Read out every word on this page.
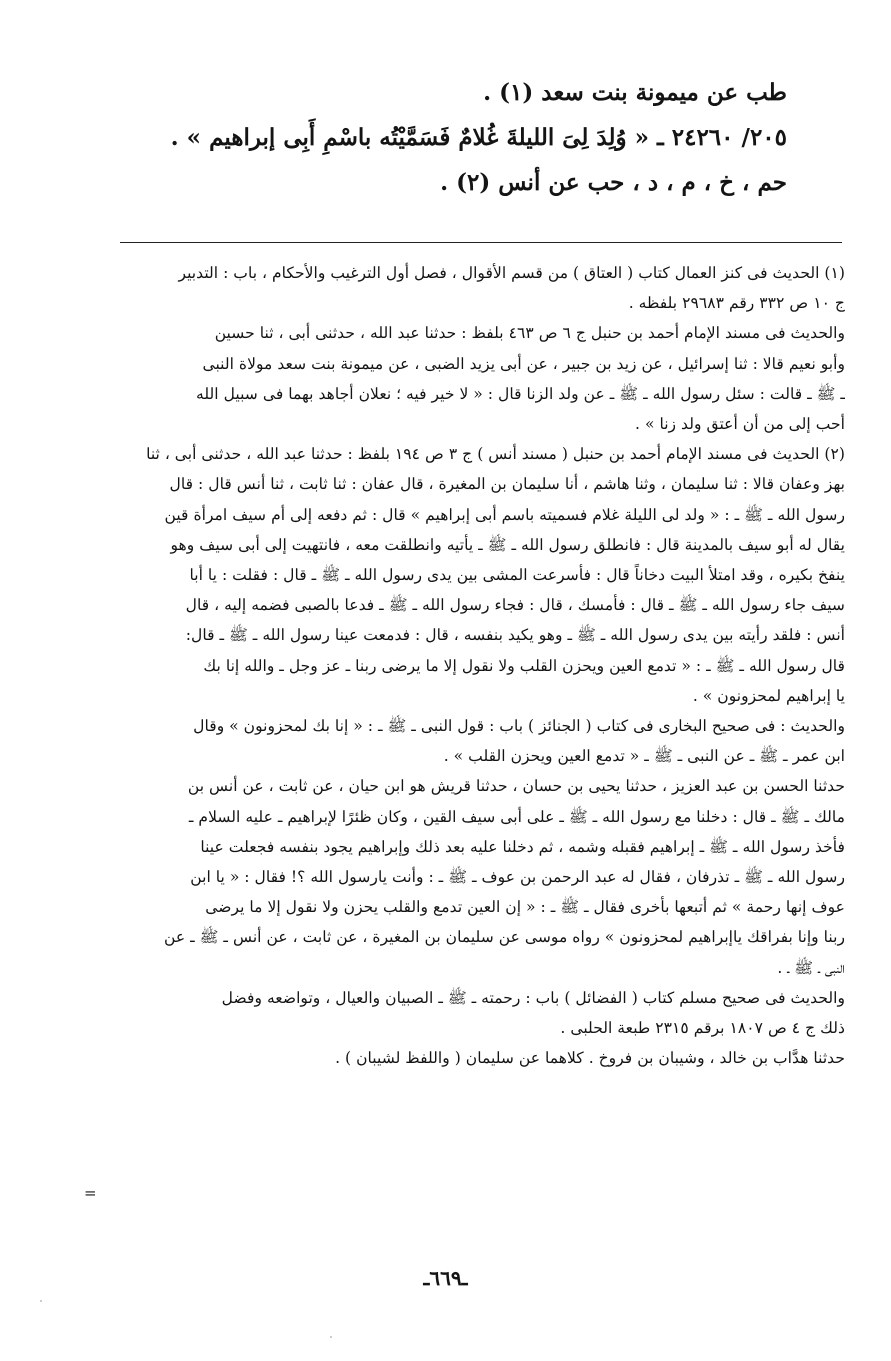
طب عن ميمونة بنت سعد (١) .
٢٠٥/ ٢٤٢٦٠ ـ « وُلِدَ لِىَ الليلةَ غُلامٌ فَسَمَّيْتُه باسْمِ أَبِى إبراهيم » .
حم ، خ ، م ، د ، حب عن أنس (٢) .
(١) الحديث فى كنز العمال كتاب ( العتاق ) من قسم الأقوال ، فصل أول الترغيب والأحكام ، باب : التدبير
ج ١٠ ص ٣٣٢ رقم ٢٩٦٨٣ بلفظه .
والحديث فى مسند الإمام أحمد بن حنبل ج ٦ ص ٤٦٣ بلفظ : حدثنا عبد الله ، حدثنى أبى ، ثنا حسين
وأبو نعيم قالا : ثنا إسرائيل ، عن زيد بن جبير ، عن أبى يزيد الضبى ، عن ميمونة بنت سعد مولاة النبى
ـ ﷺ ـ قالت : سئل رسول الله ـ ﷺ ـ عن ولد الزنا قال : « لا خير فيه ؛ نعلان أجاهد بهما فى سبيل الله
أحب إلى من أن أعتق ولد زنا » .
(٢) الحديث فى مسند الإمام أحمد بن حنبل ( مسند أنس ) ج ٣ ص ١٩٤ بلفظ : حدثنا عبد الله ، حدثنى أبى ، ثنا
بهز وعفان قالا : ثنا سليمان ، وثنا هاشم ، أنا سليمان بن المغيرة ، قال عفان : ثنا ثابت ، ثنا أنس قال : قال
رسول الله ـ ﷺ ـ : « ولد لى الليلة غلام فسميته باسم أبى إبراهيم » قال : ثم دفعه إلى أم سيف امرأة قين
يقال له أبو سيف بالمدينة قال : فانطلق رسول الله ـ ﷺ ـ يأتيه وانطلقت معه ، فانتهيت إلى أبى سيف وهو
ينفخ بكيره ، وقد امتلأ البيت دخاناً قال : فأسرعت المشى بين يدى رسول الله ـ ﷺ ـ قال : فقلت : يا أبا
سيف جاء رسول الله ـ ﷺ ـ قال : فأمسك ، قال : فجاء رسول الله ـ ﷺ ـ فدعا بالصبى فضمه إليه ، قال
أنس : فلقد رأيته بين يدى رسول الله ـ ﷺ ـ وهو يكيد بنفسه ، قال : فدمعت عينا رسول الله ـ ﷺ ـ قال:
قال رسول الله ـ ﷺ ـ : « تدمع العين ويحزن القلب ولا نقول إلا ما يرضى ربنا ـ عز وجل ـ والله إنا بك
يا إبراهيم لمحزونون » .
والحديث : فى صحيح البخارى فى كتاب ( الجنائز ) باب : قول النبى ـ ﷺ ـ : « إنا بك لمحزونون » وقال
ابن عمر ـ ﷺ ـ عن النبى ـ ﷺ ـ « تدمع العين ويحزن القلب » .
حدثنا الحسن بن عبد العزيز ، حدثنا يحيى بن حسان ، حدثنا قريش هو ابن حيان ، عن ثابت ، عن أنس بن
مالك ـ ﷺ ـ قال : دخلنا مع رسول الله ـ ﷺ ـ على أبى سيف القين ، وكان ظئرًا لإبراهيم ـ عليه السلام ـ
فأخذ رسول الله ـ ﷺ ـ إبراهيم فقبله وشمه ، ثم دخلنا عليه بعد ذلك وإبراهيم يجود بنفسه فجعلت عينا
رسول الله ـ ﷺ ـ تذرفان ، فقال له عبد الرحمن بن عوف ـ ﷺ ـ : وأنت يارسول الله ؟! فقال : « يا ابن
عوف إنها رحمة » ثم أتبعها بأخرى فقال ـ ﷺ ـ : « إن العين تدمع والقلب يحزن ولا نقول إلا ما يرضى
ربنا وإنا بفراقك ياإبراهيم لمحزونون » رواه موسى عن سليمان بن المغيرة ، عن ثابت ، عن أنس ـ ﷺ ـ عن
النبى ـ ﷺ ـ .
والحديث فى صحيح مسلم كتاب ( الفضائل ) باب : رحمته ـ ﷺ ـ الصبيان والعيال ، وتواضعه وفضل
ذلك ج ٤ ص ١٨٠٧ برقم ٢٣١٥ طبعة الحلبى .
حدثنا هدَّاب بن خالد ، وشيبان بن فروخ . كلاهما عن سليمان ( واللفظ لشيبان ) .
=
ـ٦٦٩ـ
